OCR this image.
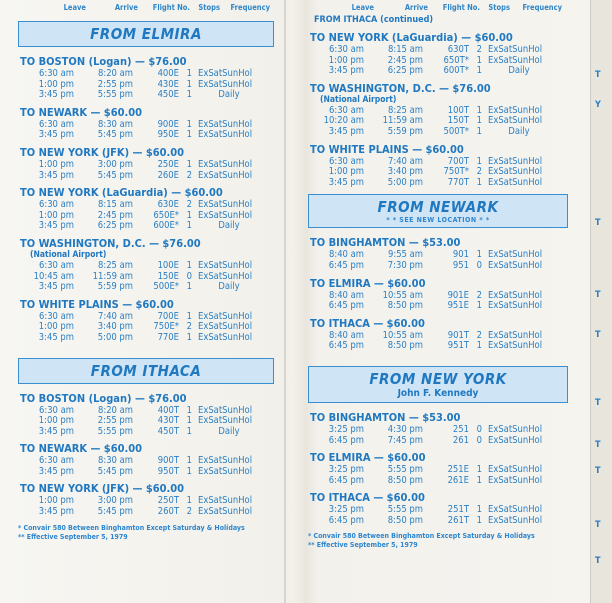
Leave	Arrive	Flight No.	Stops	Frequency
FROM ELMIRA
TO BOSTON (Logan) — $76.00
6:30 am	8:20 am	400E 1 ExSatSunHol
1:00 pm	2:55 pm	430E 1 ExSatSunHol
3:45 pm	5:55 pm	450E 1	Daily
TO NEWARK — $60.00
6:30 am	8:30 am	900E 1 ExSatSunHol
3:45 pm	5:45 pm	950E 1 ExSatSunHol
TO NEW YORK (JFK) — $60.00
1:00 pm	3:00 pm	250E 1 ExSatSunHol
3:45 pm	5:45 pm	260E 2 ExSatSunHol
TO NEW YORK (LaGuardia) — $60.00
6:30 am	8:15 am	630E 2 ExSatSunHol
1:00 pm	2:45 pm	650E* 1 ExSatSunHol
3:45 pm	6:25 pm	600E* 1	Daily
TO WASHINGTON, D.C. — $76.00
(National Airport)
6:30 am	8:25 am	100E 1 ExSatSunHol
10:45 am	11:59 am	150E 0 ExSatSunHol
3:45 pm	5:59 pm	500E* 1	Daily
TO WHITE PLAINS — $60.00
6:30 am	7:40 am	700E 1 ExSatSunHol
1:00 pm	3:40 pm	750E* 2 ExSatSunHol
3:45 pm	5:00 pm	770E 1 ExSatSunHol
FROM ITHACA
TO BOSTON (Logan) — $76.00
6:30 am	8:20 am	400T 1 ExSatSunHol
1:00 pm	2:55 pm	430T 1 ExSatSunHol
3:45 pm	5:55 pm	450T 1	Daily
TO NEWARK — $60.00
6:30 am	8:30 am	900T 1 ExSatSunHol
3:45 pm	5:45 pm	950T 1 ExSatSunHol
TO NEW YORK (JFK) — $60.00
1:00 pm	3:00 pm	250T 1 ExSatSunHol
3:45 pm	5:45 pm	260T 2 ExSatSunHol
* Convair 580 Between Binghamton Except Saturday & Holidays
** Effective September 5, 1979
Leave	Arrive	Flight No.	Stops	Frequency
FROM ITHACA (continued)
TO NEW YORK (LaGuardia) — $60.00
6:30 am	8:15 am	630T 2 ExSatSunHol
1:00 pm	2:45 pm	650T* 1 ExSatSunHol
3:45 pm	6:25 pm	600T* 1	Daily
TO WASHINGTON, D.C. — $76.00
(National Airport)
6:30 am	8:25 am	100T 1 ExSatSunHol
10:20 am	11:59 am	150T 1 ExSatSunHol
3:45 pm	5:59 pm	500T* 1	Daily
TO WHITE PLAINS — $60.00
6:30 am	7:40 am	700T 1 ExSatSunHol
1:00 pm	3:40 pm	750T* 2 ExSatSunHol
3:45 pm	5:00 pm	770T 1 ExSatSunHol
FROM NEWARK
* * SEE NEW LOCATION * *
TO BINGHAMTON — $53.00
8:40 am	9:55 am	901 1 ExSatSunHol
6:45 pm	7:30 pm	951 0 ExSatSunHol
TO ELMIRA — $60.00
8:40 am	10:55 am	901E 2 ExSatSunHol
6:45 pm	8:50 pm	951E 1 ExSatSunHol
TO ITHACA — $60.00
8:40 am	10:55 am	901T 2 ExSatSunHol
6:45 pm	8:50 pm	951T 1 ExSatSunHol
FROM NEW YORK
John F. Kennedy
TO BINGHAMTON — $53.00
3:25 pm	4:30 pm	251 0 ExSatSunHol
6:45 pm	7:45 pm	261 0 ExSatSunHol
TO ELMIRA — $60.00
3:25 pm	5:55 pm	251E 1 ExSatSunHol
6:45 pm	8:50 pm	261E 1 ExSatSunHol
TO ITHACA — $60.00
3:25 pm	5:55 pm	251T 1 ExSatSunHol
6:45 pm	8:50 pm	261T 1 ExSatSunHol
* Convair 580 Between Binghamton Except Saturday & Holidays
** Effective September 5, 1979
T
Y
T
T
T
T
T
T
T
T
